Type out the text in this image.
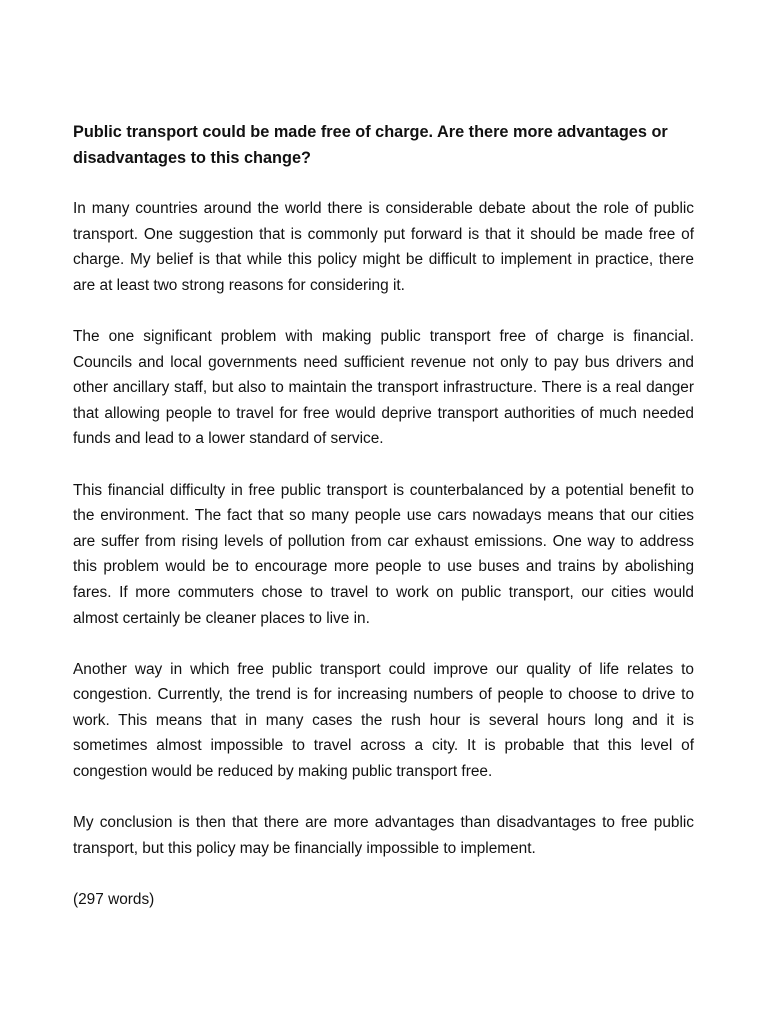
Public transport could be made free of charge. Are there more advantages or disadvantages to this change?

In many countries around the world there is considerable debate about the role of public transport. One suggestion that is commonly put forward is that it should be made free of charge. My belief is that while this policy might be difficult to implement in practice, there are at least two strong reasons for considering it.

The one significant problem with making public transport free of charge is financial. Councils and local governments need sufficient revenue not only to pay bus drivers and other ancillary staff, but also to maintain the transport infrastructure. There is a real danger that allowing people to travel for free would deprive transport authorities of much needed funds and lead to a lower standard of service.

This financial difficulty in free public transport is counterbalanced by a potential benefit to the environment. The fact that so many people use cars nowadays means that our cities are suffer from rising levels of pollution from car exhaust emissions. One way to address this problem would be to encourage more people to use buses and trains by abolishing fares. If more commuters chose to travel to work on public transport, our cities would almost certainly be cleaner places to live in.

Another way in which free public transport could improve our quality of life relates to congestion. Currently, the trend is for increasing numbers of people to choose to drive to work. This means that in many cases the rush hour is several hours long and it is sometimes almost impossible to travel across a city. It is probable that this level of congestion would be reduced by making public transport free.

My conclusion is then that there are more advantages than disadvantages to free public transport, but this policy may be financially impossible to implement.

(297 words)
